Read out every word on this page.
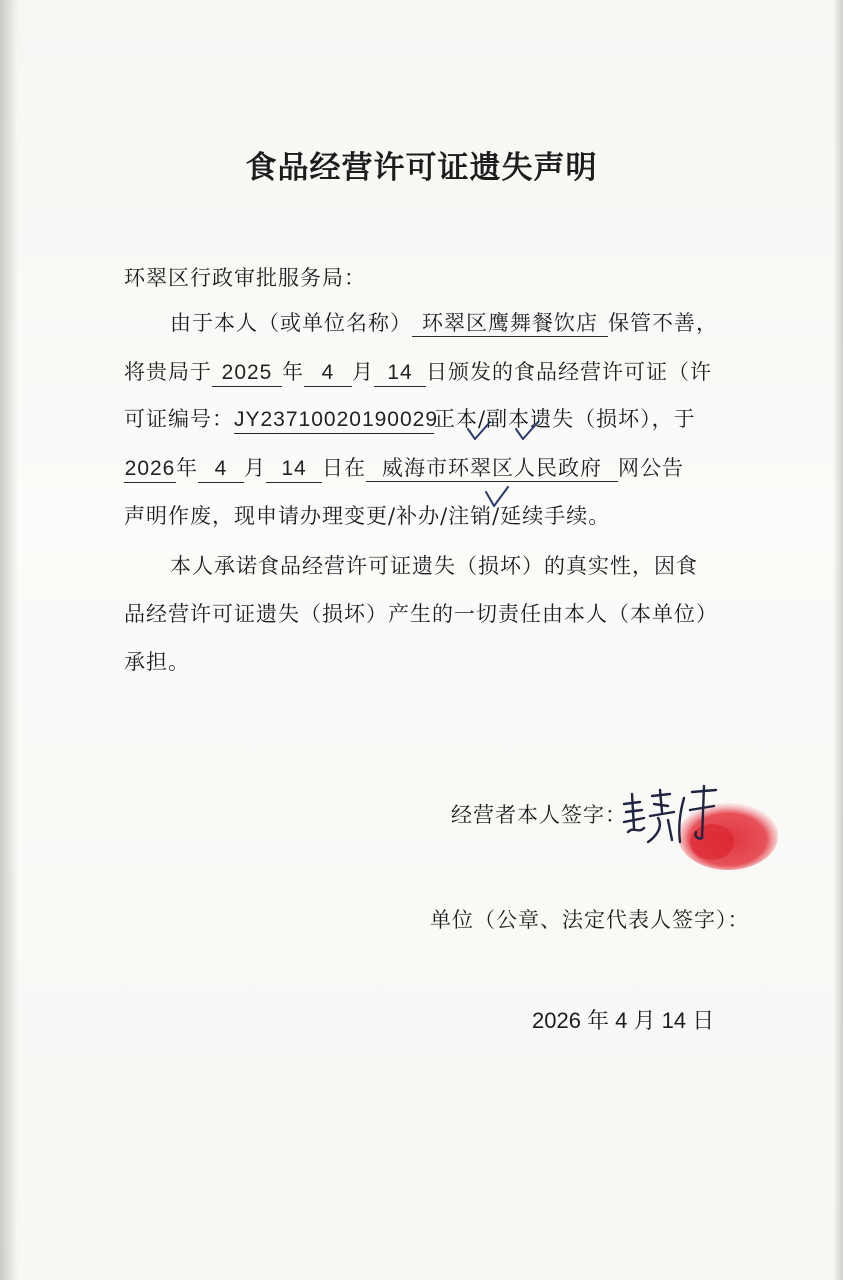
食品经营许可证遗失声明
环翠区行政审批服务局：
由于本人（或单位名称） 环翠区鹰舞餐饮店 保管不善，
将贵局于 2025 年 4 月 14 日颁发的食品经营许可证（许
可证编号：JY23710020190029正本/副本遗失（损坏），于
2026年 4 月 14 日在 威海市环翠区人民政府 网公告
声明作废，现申请办理变更/补办/注销/延续手续。
本人承诺食品经营许可证遗失（损坏）的真实性，因食
品经营许可证遗失（损坏）产生的一切责任由本人（本单位）
承担。
经营者本人签字：
单位（公章、法定代表人签字）：
2026 年 4 月 14 日
